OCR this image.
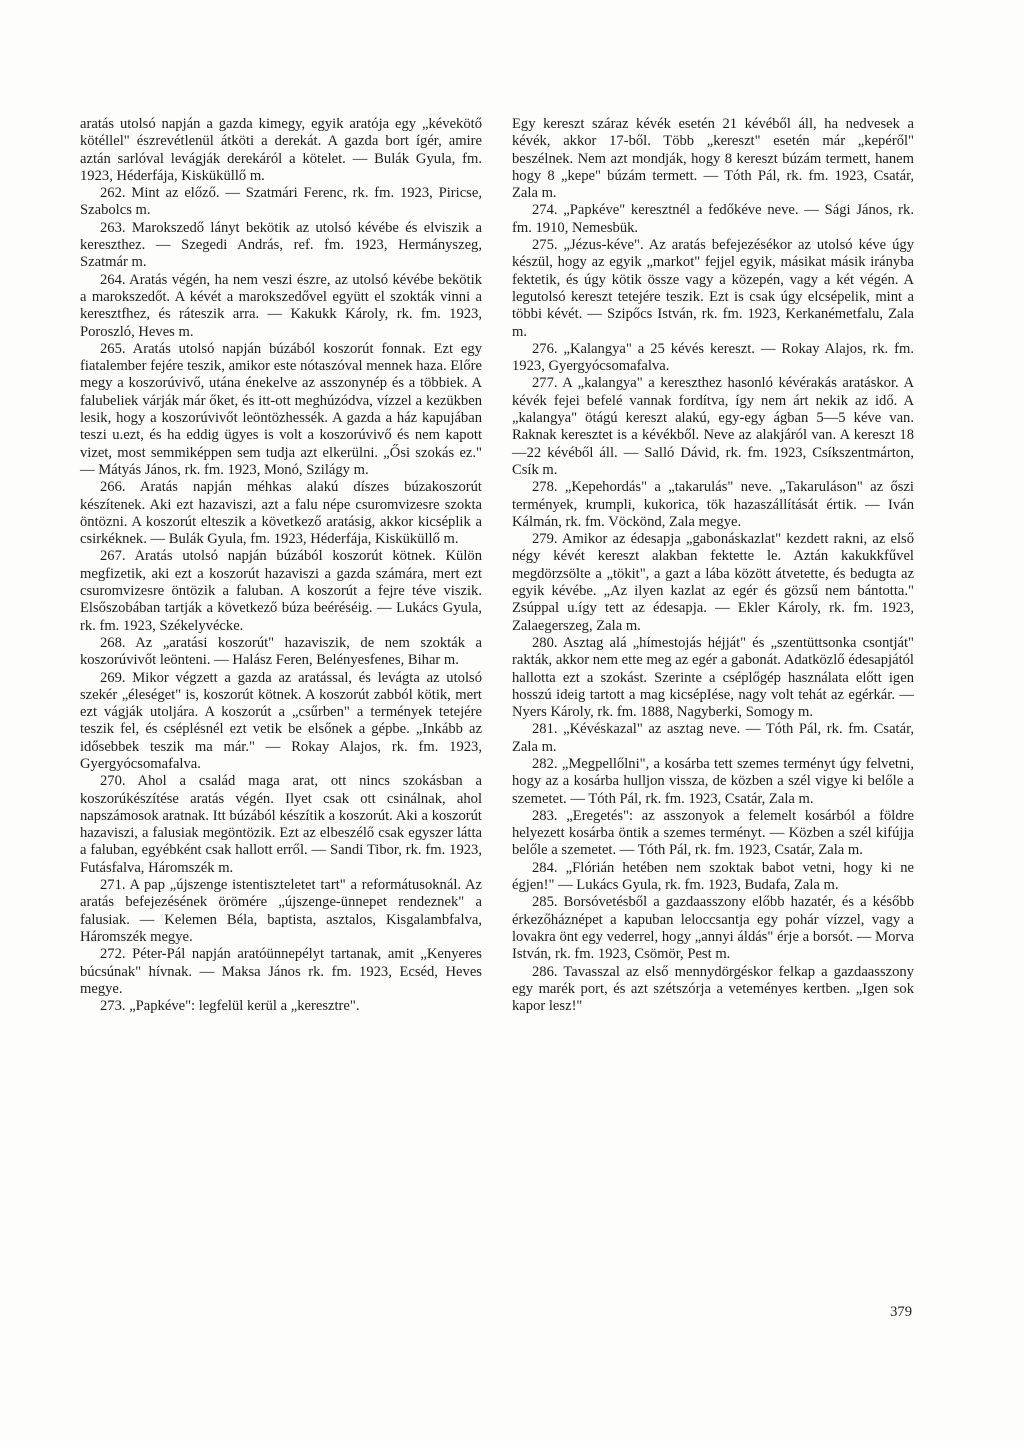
aratás utolsó napján a gazda kimegy, egyik aratója egy „kévekötő kötéllel" észrevétlenül átköti a derekát. A gazda bort ígér, amire aztán sarlóval levágják derekáról a kötelet. — Bulák Gyula, fm. 1923, Héderfája, Kisküküllő m.

262. Mint az előző. — Szatmári Ferenc, rk. fm. 1923, Piricse, Szabolcs m.

263. Marokszedő lányt bekötik az utolsó kévébe és elviszik a kereszthez. — Szegedi András, ref. fm. 1923, Hermányszeg, Szatmár m.

264. Aratás végén, ha nem veszi észre, az utolsó kévébe bekötik a marokszedőt. A kévét a marokszedővel együtt el szokták vinni a keresztfhez, és ráteszik arra. — Kakukk Károly, rk. fm. 1923, Poroszló, Heves m.

265. Aratás utolsó napján búzából koszorút fonnak. Ezt egy fiatalember fejére teszik, amikor este nótaszóval mennek haza. Előre megy a koszorúvivő, utána énekelve az asszonynép és a többiek. A falubeliek várják már őket, és itt-ott meghúzódva, vízzel a kezükben lesik, hogy a koszorúvivőt leöntözhessék. A gazda a ház kapujában teszi u.ezt, és ha eddig ügyes is volt a koszorúvivő és nem kapott vizet, most semmiképpen sem tudja azt elkerülni. „Ősi szokás ez." — Mátyás János, rk. fm. 1923, Monó, Szilágy m.

266. Aratás napján méhkas alakú díszes búzakoszorút készítenek. Aki ezt hazaviszi, azt a falu népe csuromvizesre szokta öntözni. A koszorút elteszik a következő aratásig, akkor kicsépl​ik a csirkéknek. — Bulák Gyula, fm. 1923, Héderfája, Kisküküllő m.

267. Aratás utolsó napján búzából koszorút kötnek. Külön megfizetik, aki ezt a koszorút hazaviszi a gazda számára, mert ezt csuromvizesre öntözik a faluban. A koszorút a fejre téve viszik. Elsősz​obában tartják a következő búza beéréséig. — Lukács Gyula, rk. fm. 1923, Székelyvécke.

268. Az „aratási koszorút" hazaviszik, de nem szokták a koszorúvivőt leönteni. — Halász Feren, Belényesfenes, Bihar m.

269. Mikor végzett a gazda az aratással, és levágta az utolsó szekér „éleséget" is, koszorút kötnek. A koszorút zabból kötik, mert ezt vágják utoljára. A koszorút a „csűrben" a termények tetejére teszik fel, és cséplésnél ezt vetik be elsőnek a gépbe. „Inkább az idősebbek teszik ma már." — Rokay Alajos, rk. fm. 1923, Gyergyócsomafalva.

270. Ahol a család maga arat, ott nincs szokásban a koszorúkészítése aratás végén. Ilyet csak ott csinálnak, ahol napszámosok aratnak. Itt búzából készítik a koszorút. Aki a koszorút hazaviszi, a falusiak megöntözik. Ezt az elbeszélő csak egyszer látta a faluban, egyébként csak hallott erről. — Sandi Tibor, rk. fm. 1923, Futásfalva, Háromszék m.

271. A pap „újszenge istentiszteletet tart" a reformátusoknál. Az aratás befejezésének örömére „újszenge-ünnepet rendeznek" a falusiak. — Kelemen Béla, baptista, asztalos, Kisgalambfalva, Háromszék megye.

272. Péter-Pál napján aratóünnepélyt tartanak, amit „Kenyeres búcsúnak" hívnak. — Maksa János rk. fm. 1923, Ecséd, Heves megye.

273. „Papkéve": legfelül kerül a „keresztre".

Egy kereszt száraz kévék esetén 21 kévéből áll, ha nedvesek a kévék, akkor 17-ből. Több „kereszt" esetén már „kepéről" beszélnek. Nem azt mondják, hogy 8 kereszt búzám termett, hanem hogy 8 „kepe" búzám termett. — Tóth Pál, rk. fm. 1923, Csatár, Zala m.

274. „Papkéve" keresztnél a fedőkéve neve. — Sági János, rk. fm. 1910, Nemesbük.

275. „Jézus-kéve". Az aratás befejezésékor az utolsó kéve úgy készül, hogy az egyik „markot" fejjel egyik, másikat másik irányba fektetik, és úgy kötik össze vagy a közepén, vagy a két végén. A legutolsó kereszt tetejére teszik. Ezt is csak úgy elcsépelik, mint a többi kévét. — Szipőcs István, rk. fm. 1923, Kerkanémetfalu, Zala m.

276. „Kalangya" a 25 kévés kereszt. — Rokay Alajos, rk. fm. 1923, Gyergyócsomafalva.

277. A „kalangya" a kereszthez hasonló kévérakás aratáskor. A kévék fejei befelé vannak fordítva, így nem árt nekik az idő. A „kalangya" ötágú kereszt alakú, egy-egy ágban 5—5 kéve van. Raknak keresztet is a kévékből. Neve az alakjáról van. A kereszt 18—22 kévéből áll. — Salló Dávid, rk. fm. 1923, Csíkszentmárton, Csík m.

278. „Kepehordás" a „takarulás" neve. „Takaruláson" az őszi termények, krumpli, kukorica, tök hazaszállítását értik. — Iván Kálmán, rk. fm. Vöckönd, Zala megye.

279. Amikor az édesapja „gabonáskazlat" kezdett rakni, az első négy kévét kereszt alakban fektette le. Aztán kakukkfűvel megdörzsölte a „tökit", a gazt a lába között átvetette, és bedugta az egyik kévébe. „Az ilyen kazlat az egér és gözsű nem bántotta." Zsúppal u.így tett az édesapja. — Ekler Károly, rk. fm. 1923, Zalaegerszeg, Zala m.

280. Asztag alá „hímestojás héjját" és „szentüttsonka csontját" rakták, akkor nem ette meg az egér a gabonát. Adatközlő édesapjától hallotta ezt a szokást. Szerinte a cséplőgép használata előtt igen hosszú ideig tartott a mag kicsépIése, nagy volt tehát az egérkár. — Nyers Károly, rk. fm. 1888, Nagyberki, Somogy m.

281. „Kévéskazal" az asztag neve. — Tóth Pál, rk. fm. Csatár, Zala m.

282. „Megpellőlni", a kosárba tett szemes terményt úgy felvetni, hogy az a kosárba hulljon vissza, de közben a szél vigye ki belőle a szemetet. — Tóth Pál, rk. fm. 1923, Csatár, Zala m.

283. „Eregetés": az asszonyok a felemelt kosárból a földre helyezett kosárba öntik a szemes terményt. — Közben a szél kifújja belőle a szemetet. — Tóth Pál, rk. fm. 1923, Csatár, Zala m.

284. „Flórián hetében nem szoktak babot vetni, hogy ki ne égjen!" — Lukács Gyula, rk. fm. 1923, Budafa, Zala m.

285. Borsóvetésből a gazdaasszony előbb hazatér, és a később érkezőháznépet a kapuban leloccsantja egy pohár vízzel, vagy a lovakra önt egy vederrel, hogy „annyi áldás" érje a borsót. — Morva István, rk. fm. 1923, Csömör, Pest m.

286. Tavasszal az első mennydörgéskor felkap a gazdaasszony egy marék port, és azt szétszórja a veteményes kertben. „Igen sok kapor lesz!"

379
